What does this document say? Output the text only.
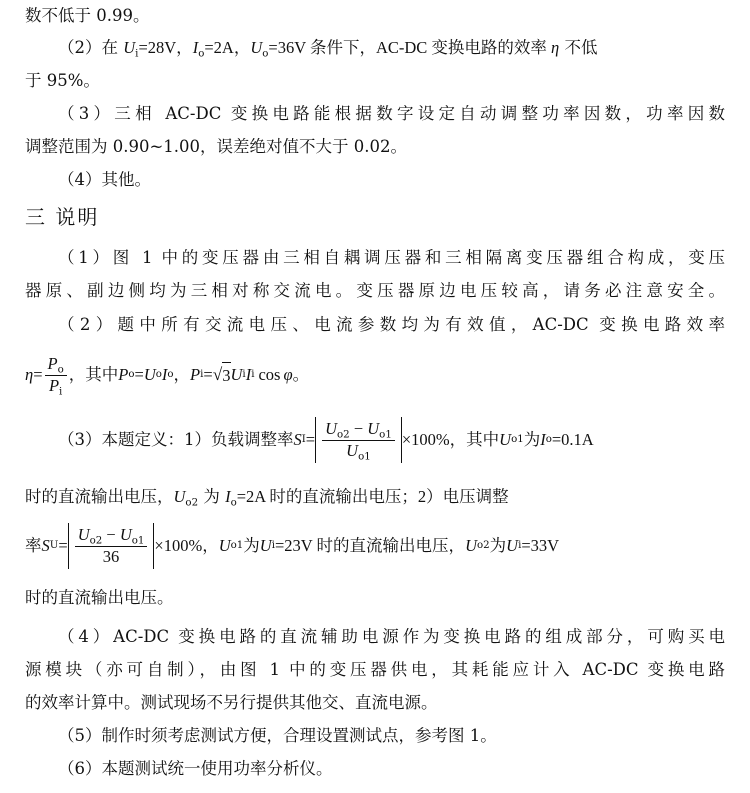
数不低于 0.99。

（2）在 $U_i=28V$，$I_o=2A$，$U_o=36V$ 条件下，AC-DC 变换电路的效率 η 不低

于 95%。

（3）三相 AC-DC 变换电路能根据数字设定自动调整功率因数，功率因数

调整范围为 0.90~1.00，误差绝对值不大于 0.02。

（4）其他。

三 说明

（1）图 1 中的变压器由三相自耦调压器和三相隔离变压器组合构成，变压

器原、副边侧均为三相对称交流电。变压器原边电压较高，请务必注意安全。

（2）题中所有交流电压、电流参数均为有效值，AC-DC 变换电路效率

$\eta = \frac{P_o}{P_i}$ ，其中 P o = U o I o ， P i = √ 3 U i I i cos φ 。
（3）本题定义：1）负载调整率 S $I = \frac{U_{o2} - U_{o1}}{U_{o1}} \times 100\%$ ，其中 U o1 为 I o =0.1A

时的直流输出电压，$U_{o2}$ 为 $I_o=2A$ 时的直流输出电压；2）电压调整

率 S $U = \frac{U_{o2} - U_{o1}}{36} \times 100\%$ ， U o1 为 U i =23V 时的直流输出电压， U o2 为 U i =33V

时的直流输出电压。

（4）AC-DC 变换电路的直流辅助电源作为变换电路的组成部分，可购买电

源模块（亦可自制），由图 1 中的变压器供电，其耗能应计入 AC-DC 变换电路

的效率计算中。测试现场不另行提供其他交、直流电源。

（5）制作时须考虑测试方便，合理设置测试点，参考图 1。

（6）本题测试统一使用功率分析仪。
